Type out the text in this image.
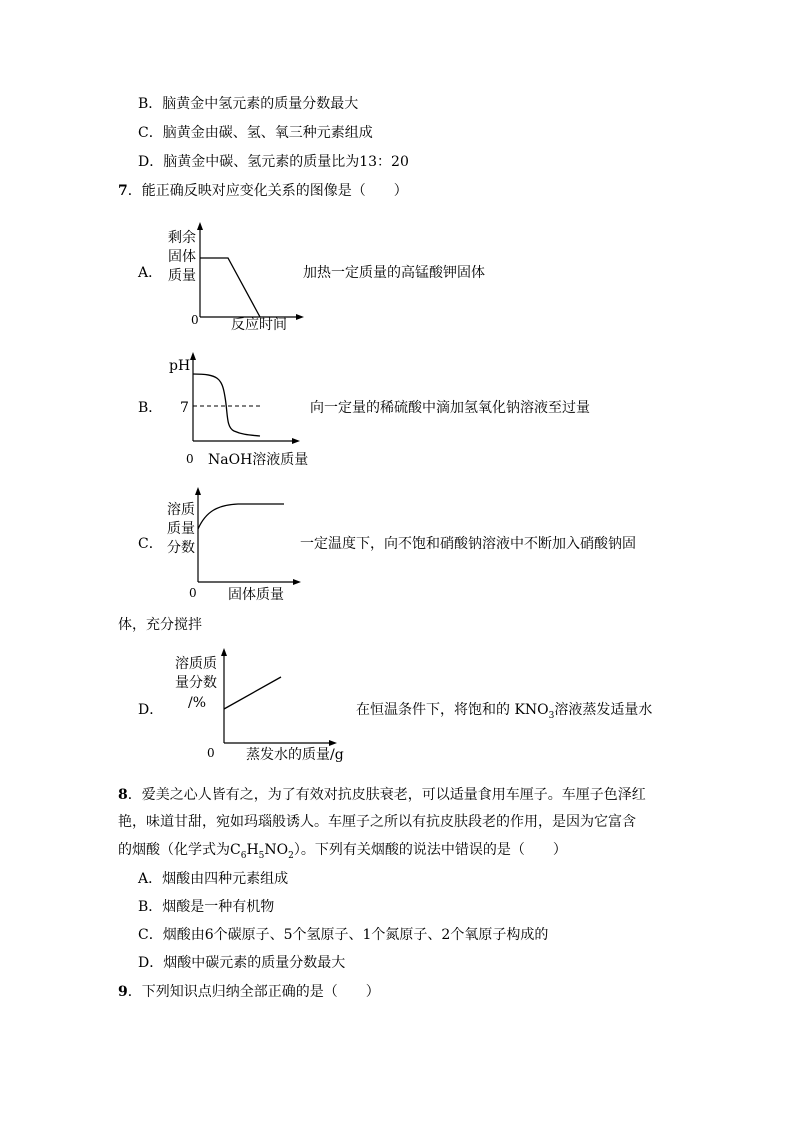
B．脑黄金中氢元素的质量分数最大
C．脑黄金由碳、氢、氧三种元素组成
D．脑黄金中碳、氢元素的质量比为13：20
7．能正确反映对应变化关系的图像是（　　）
A．
剩余
固体
质量
0 反应时间
加热一定质量的高锰酸钾固体
B．
pH
7
0 NaOH溶液质量
向一定量的稀硫酸中滴加氢氧化钠溶液至过量
C．
溶质
质量
分数
0 固体质量
一定温度下，向不饱和硝酸钠溶液中不断加入硝酸钠固
体，充分搅拌
D．
溶质质
量分数
/%
0 蒸发水的质量/g
在恒温条件下，将饱和的 $KNO_3$溶液蒸发适量水
8．爱美之心人皆有之，为了有效对抗皮肤衰老，可以适量食用车厘子。车厘子色泽红
艳，味道甘甜，宛如玛瑙般诱人。车厘子之所以有抗皮肤段老的作用，是因为它富含
的烟酸（化学式为$C_6H_5NO_2$）。下列有关烟酸的说法中错误的是（　　）
A．烟酸由四种元素组成
B．烟酸是一种有机物
C．烟酸由6个碳原子、5个氢原子、1个氮原子、2个氧原子构成的
D．烟酸中碳元素的质量分数最大
9．下列知识点归纳全部正确的是（　　）
